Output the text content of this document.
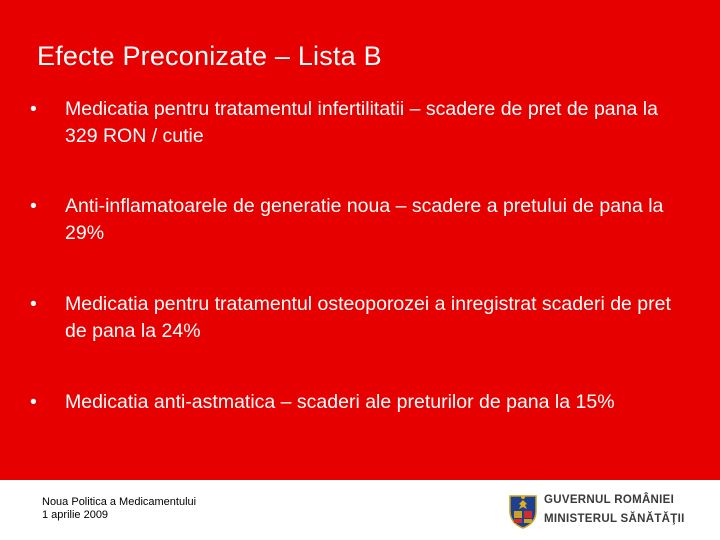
Efecte Preconizate – Lista B
•	Medicatia pentru tratamentul infertilitatii – scadere de pret de pana la 329 RON / cutie
•	Anti-inflamatoarele de generatie noua – scadere a pretului de pana la 29%
•	Medicatia pentru tratamentul osteoporozei a inregistrat scaderi de pret de pana la 24%
•	Medicatia anti-astmatica – scaderi ale preturilor de pana la 15%
Noua Politica a Medicamentului
1 aprilie 2009
GUVERNUL ROMÂNIEI
MINISTERUL SĂNĂTĂŢII
